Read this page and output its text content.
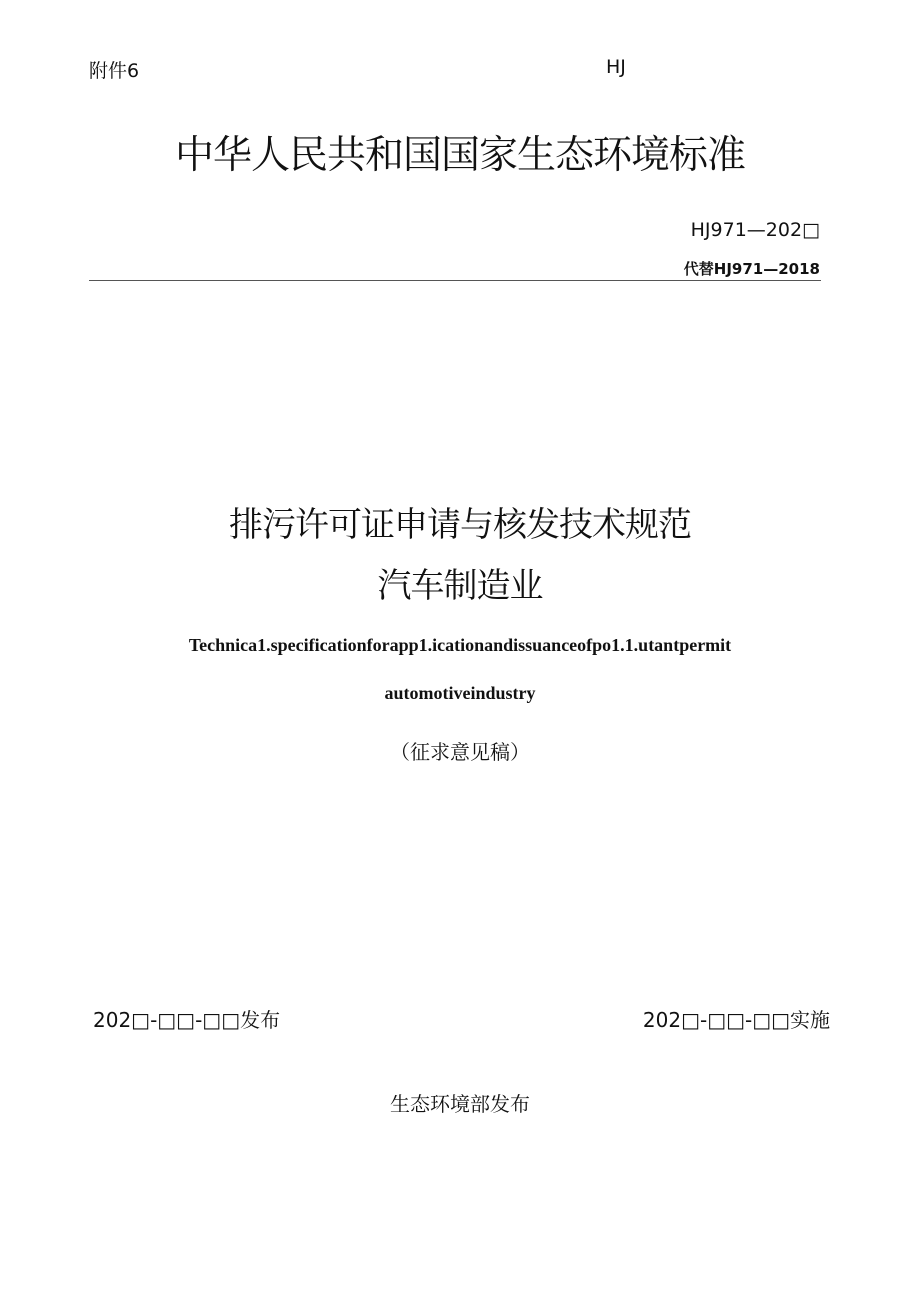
附件6	HJ
中华人民共和国国家生态环境标准
HJ971—202□
代替HJ971—2018
排污许可证申请与核发技术规范
汽车制造业
Technica1.specificationforapp1.icationandissuanceofpo1.1.utantpermit
automotiveindustry
（征求意见稿）
202□-□□-□□发布	202□-□□-□□实施
生态环境部发布
